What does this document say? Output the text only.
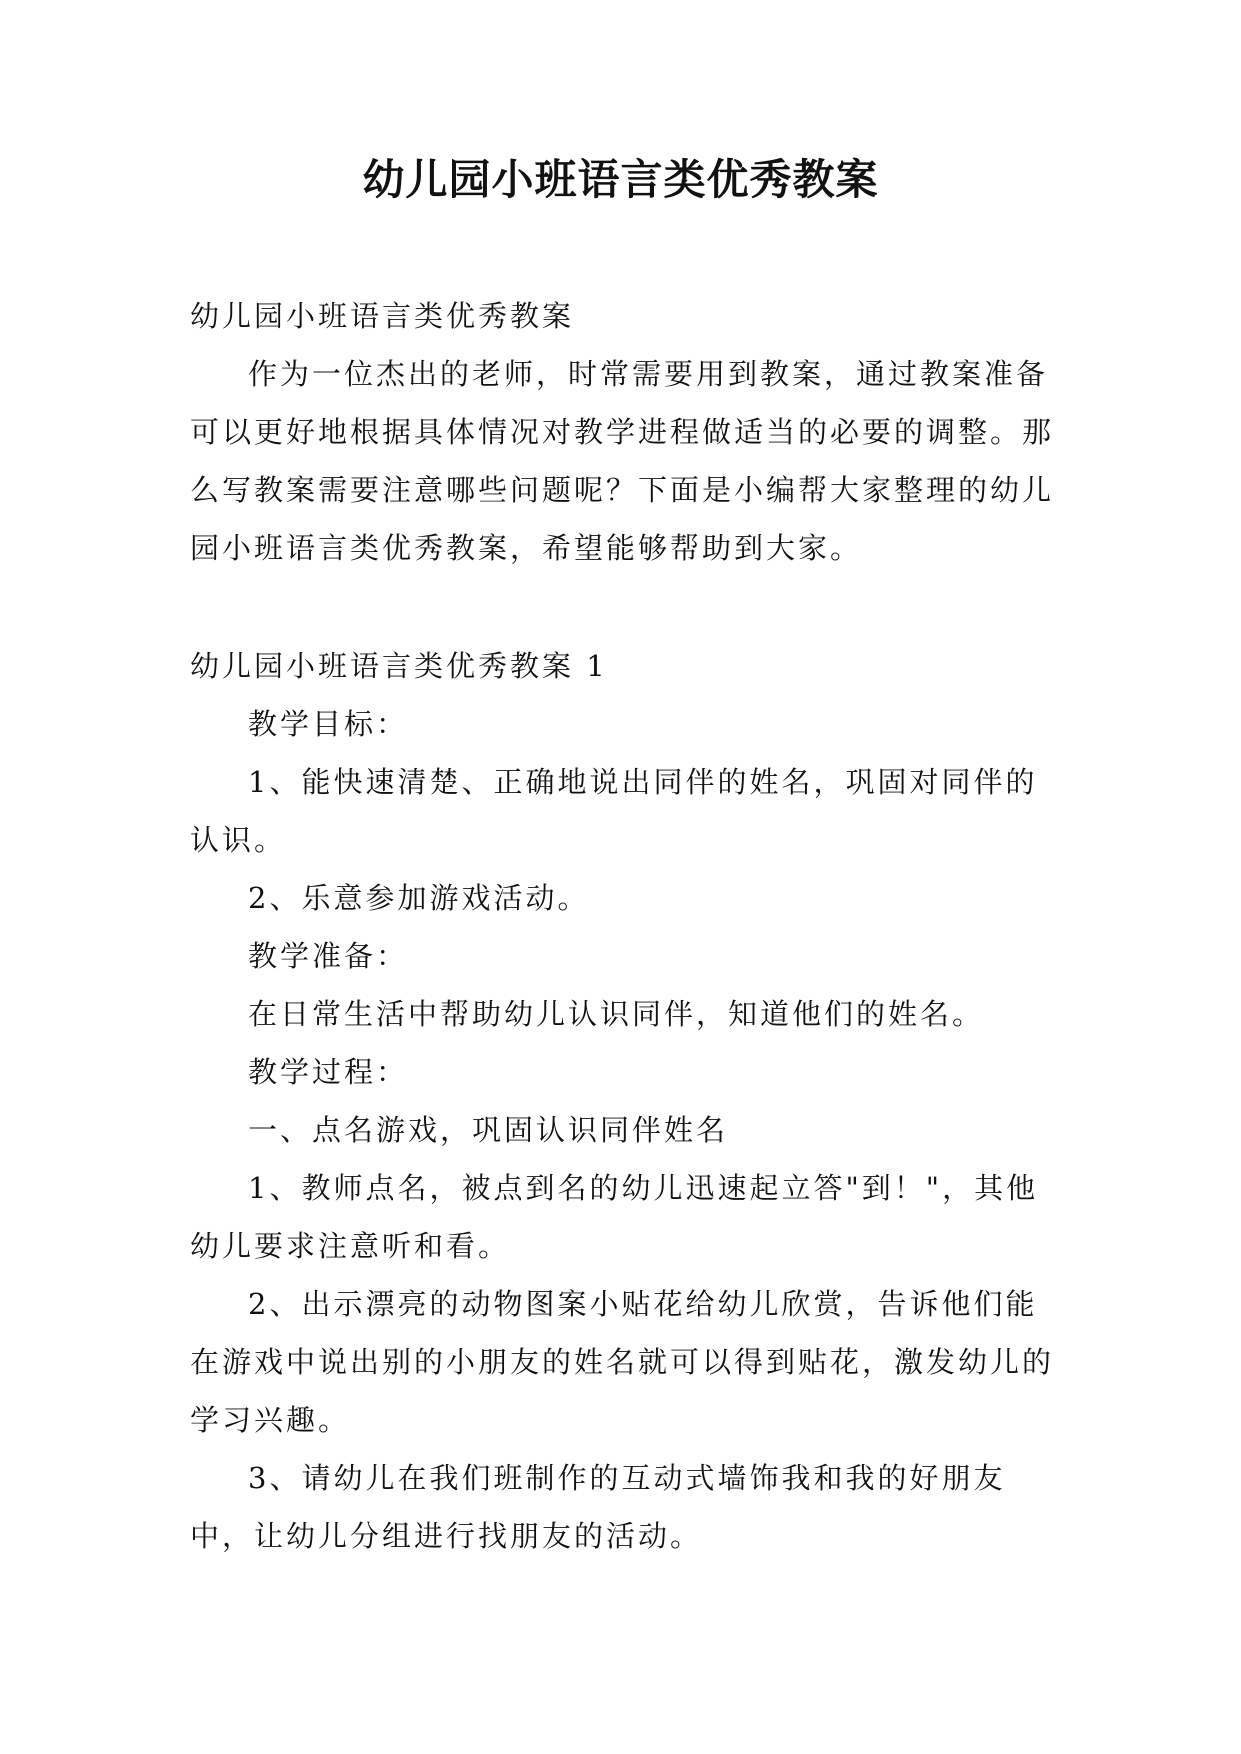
幼儿园小班语言类优秀教案

幼儿园小班语言类优秀教案

作为一位杰出的老师，时常需要用到教案，通过教案准备可以更好地根据具体情况对教学进程做适当的必要的调整。那么写教案需要注意哪些问题呢？下面是小编帮大家整理的幼儿园小班语言类优秀教案，希望能够帮助到大家。

幼儿园小班语言类优秀教案 1

教学目标：

1、能快速清楚、正确地说出同伴的姓名，巩固对同伴的认识。

2、乐意参加游戏活动。

教学准备：

在日常生活中帮助幼儿认识同伴，知道他们的姓名。

教学过程：

一、点名游戏，巩固认识同伴姓名

1、教师点名，被点到名的幼儿迅速起立答"到！"，其他幼儿要求注意听和看。

2、出示漂亮的动物图案小贴花给幼儿欣赏，告诉他们能在游戏中说出别的小朋友的姓名就可以得到贴花，激发幼儿的学习兴趣。

3、请幼儿在我们班制作的互动式墙饰我和我的好朋友中，让幼儿分组进行找朋友的活动。
